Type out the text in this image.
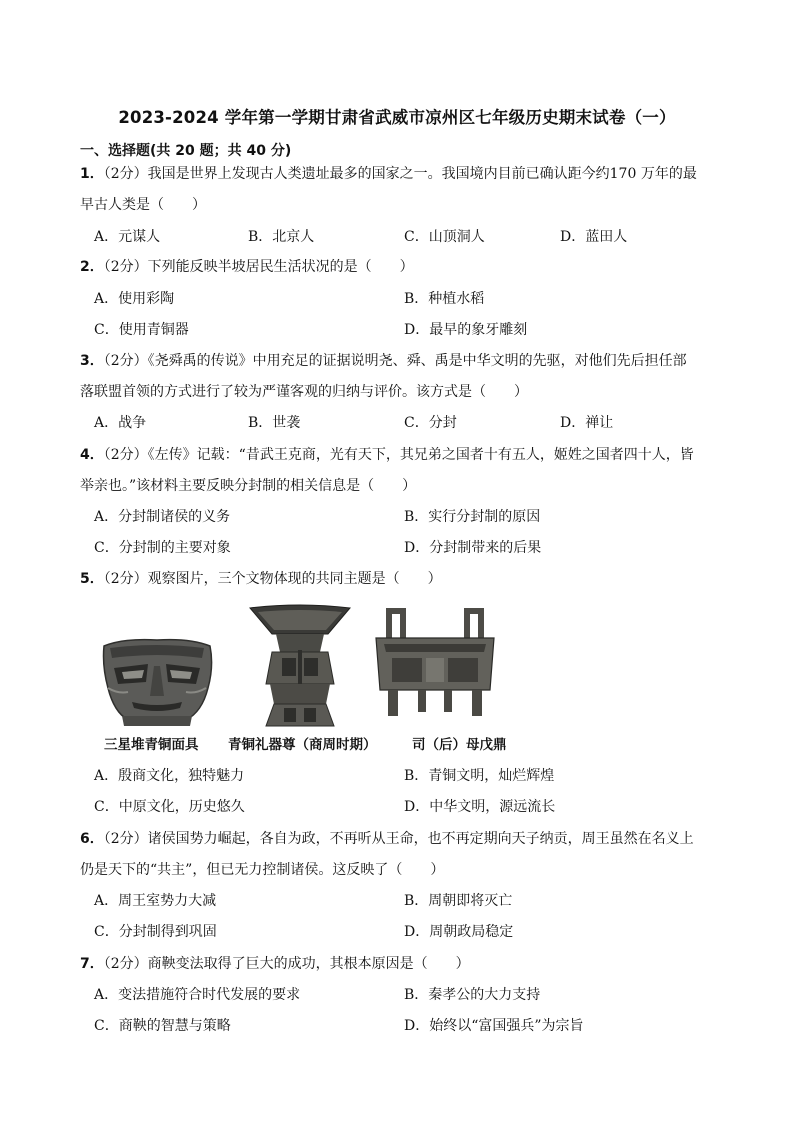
2023-2024 学年第一学期甘肃省武威市凉州区七年级历史期末试卷（一）
一、选择题(共 20 题；共 40 分)
1．（2分）我国是世界上发现古人类遗址最多的国家之一。我国境内目前已确认距今约170 万年的最
早古人类是（　　）
A．元谋人	B．北京人	C．山顶洞人	D．蓝田人
2．（2分）下列能反映半坡居民生活状况的是（　　）
A．使用彩陶	B．种植水稻
C．使用青铜器	D．最早的象牙雕刻
3．（2分）《尧舜禹的传说》中用充足的证据说明尧、舜、禹是中华文明的先驱，对他们先后担任部
落联盟首领的方式进行了较为严谨客观的归纳与评价。该方式是（　　）
A．战争	B．世袭	C．分封	D．禅让
4．（2分）《左传》记载：“昔武王克商，光有天下，其兄弟之国者十有五人，姬姓之国者四十人，皆
举亲也。”该材料主要反映分封制的相关信息是（　　）
A．分封制诸侯的义务	B．实行分封制的原因
C．分封制的主要对象	D．分封制带来的后果
5．（2分）观察图片，三个文物体现的共同主题是（　　）
三星堆青铜面具 青铜礼器尊（商周时期）	司（后）母戊鼎
A．殷商文化，独特魅力	B．青铜文明，灿烂辉煌
C．中原文化，历史悠久	D．中华文明，源远流长
6．（2分）诸侯国势力崛起，各自为政，不再听从王命，也不再定期向天子纳贡，周王虽然在名义上
仍是天下的“共主”，但已无力控制诸侯。这反映了（　　）
A．周王室势力大减	B．周朝即将灭亡
C．分封制得到巩固	D．周朝政局稳定
7．（2分）商鞅变法取得了巨大的成功，其根本原因是（　　）
A．变法措施符合时代发展的要求	B．秦孝公的大力支持
C．商鞅的智慧与策略	D．始终以“富国强兵”为宗旨
